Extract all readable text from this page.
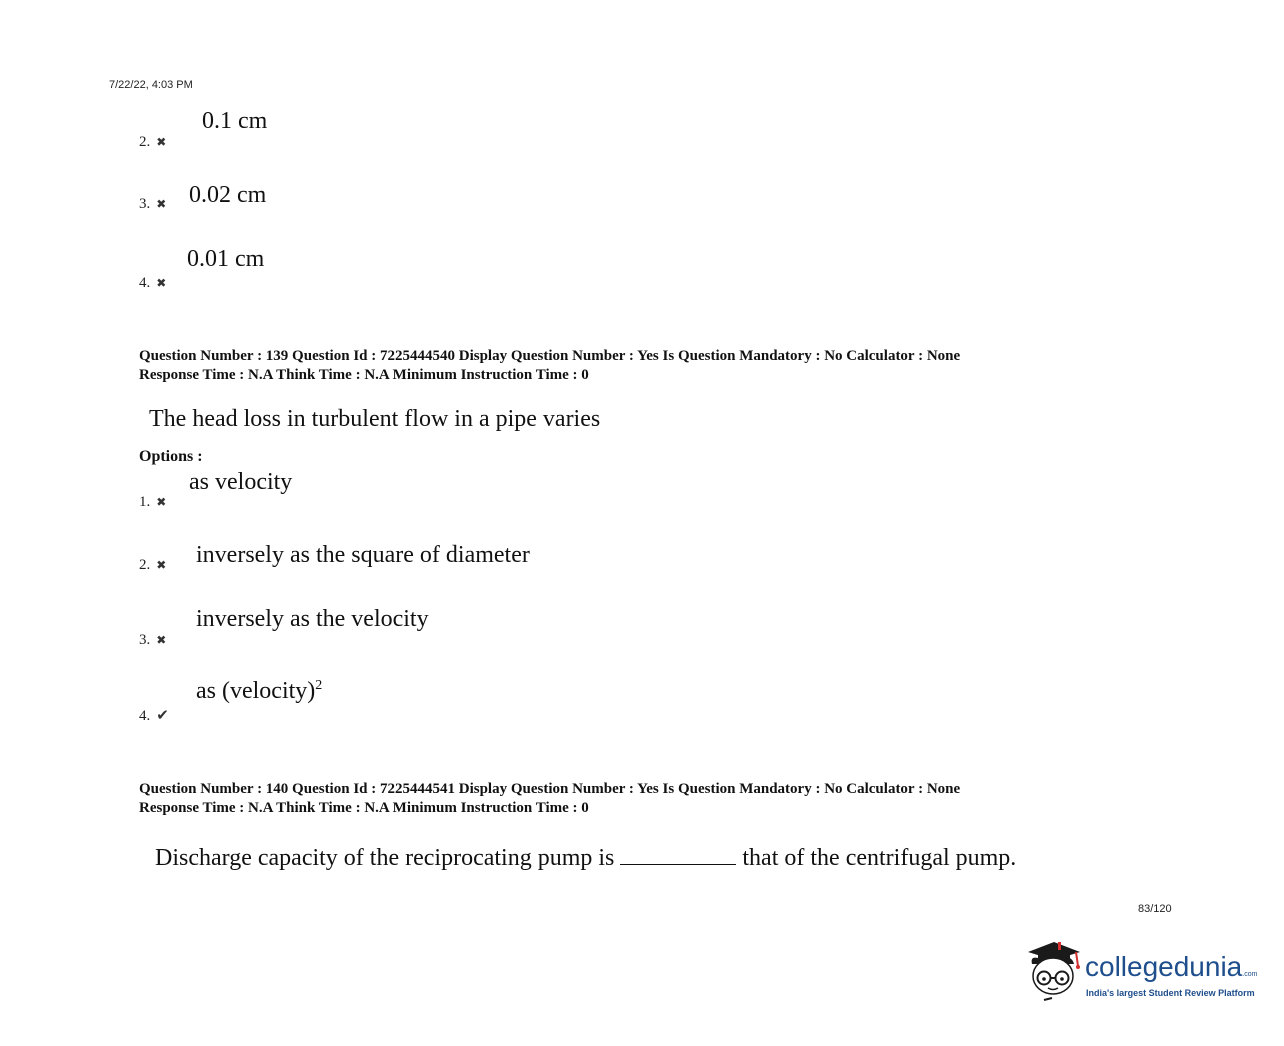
7/22/22, 4:03 PM
0.1 cm
2. ✖
3. ✖ 0.02 cm
0.01 cm
4. ✖
Question Number : 139 Question Id : 7225444540 Display Question Number : Yes Is Question Mandatory : No Calculator : None
Response Time : N.A Think Time : N.A Minimum Instruction Time : 0
The head loss in turbulent flow in a pipe varies
Options :
as velocity
1. ✖
2. ✖ inversely as the square of diameter
inversely as the velocity
3. ✖
as (velocity)$^2$
4. ✔
Question Number : 140 Question Id : 7225444541 Display Question Number : Yes Is Question Mandatory : No Calculator : None
Response Time : N.A Think Time : N.A Minimum Instruction Time : 0
Discharge capacity of the reciprocating pump is	that of the centrifugal pump.
83/120
collegedunia.com
India's largest Student Review Platform
